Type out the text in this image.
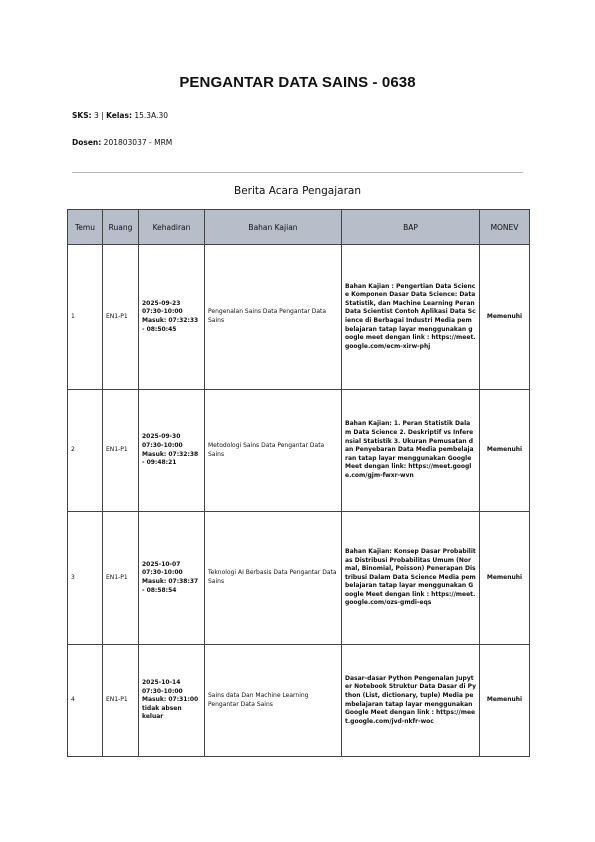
PENGANTAR DATA SAINS - 0638
SKS: 3 | Kelas: 15.3A.30
Dosen: 201803037 - MRM
Berita Acara Pengajaran
Temu	Ruang	Kehadiran	Bahan Kajian	BAP	MONEV
1	EN1-P1	2025-09-23 07:30-10:00 Masuk: 07:32:33 - 08:50:45	Pengenalan Sains Data Pengantar Data Sains	Bahan Kajian : Pengertian Data Science Komponen Dasar Data Science: Data Statistik, dan Machine Learning Peran Data Scientist Contoh Aplikasi Data Science di Berbagai Industri Media pembelajaran tatap layar menggunakan google meet dengan link : https://meet.google.com/ecm-xirw-phj	Memenuhi
2	EN1-P1	2025-09-30 07:30-10:00 Masuk: 07:32:38 - 09:48:21	Metodologi Sains Data Pengantar Data Sains	Bahan Kajian: 1. Peran Statistik Dalam Data Science 2. Deskriptif vs Inferensial Statistik 3. Ukuran Pemusatan dan Penyebaran Data Media pembelajaran tatap layar menggunakan Google Meet dengan link: https://meet.google.com/gjm-fwxr-wvn	Memenuhi
3	EN1-P1	2025-10-07 07:30-10:00 Masuk: 07:38:37 - 08:58:54	Teknologi AI Berbasis Data Pengantar Data Sains	Bahan Kajian: Konsep Dasar Probabilitas Distribusi Probabilitas Umum (Normal, Binomial, Poisson) Penerapan Distribusi Dalam Data Science Media pembelajaran tatap layar menggunakan Google Meet dengan link : https://meet.google.com/ozs-gmdi-eqs	Memenuhi
4	EN1-P1	2025-10-14 07:30-10:00 Masuk: 07:31:00 tidak absen keluar	Sains data Dan Machine Learning Pengantar Data Sains	Dasar-dasar Python Pengenalan Jupyter Notebook Struktur Data Dasar di Python (List, dictionary, tuple) Media pembelajaran tatap layar menggunakan Google Meet dengan link : https://meet.google.com/jvd-nkfr-woc	Memenuhi
